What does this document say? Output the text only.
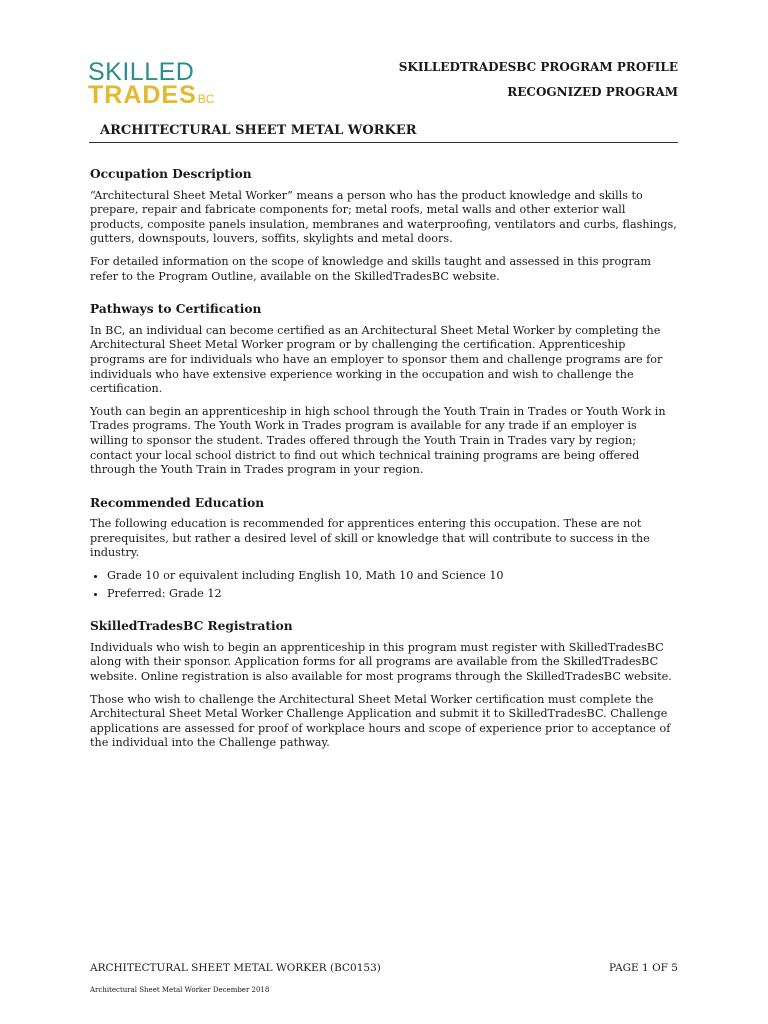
SKILLED
TRADESBC
SKILLEDTRADESBC PROGRAM PROFILE
RECOGNIZED PROGRAM
ARCHITECTURAL SHEET METAL WORKER
Occupation Description

“Architectural Sheet Metal Worker” means a person who has the product knowledge and skills to prepare, repair and fabricate components for; metal roofs, metal walls and other exterior wall products, composite panels insulation, membranes and waterproofing, ventilators and curbs, flashings, gutters, downspouts, louvers, soffits, skylights and metal doors.

For detailed information on the scope of knowledge and skills taught and assessed in this program refer to the Program Outline, available on the SkilledTradesBC website.

Pathways to Certification

In BC, an individual can become certified as an Architectural Sheet Metal Worker by completing the Architectural Sheet Metal Worker program or by challenging the certification. Apprenticeship programs are for individuals who have an employer to sponsor them and challenge programs are for individuals who have extensive experience working in the occupation and wish to challenge the certification.

Youth can begin an apprenticeship in high school through the Youth Train in Trades or Youth Work in Trades programs. The Youth Work in Trades program is available for any trade if an employer is willing to sponsor the student. Trades offered through the Youth Train in Trades vary by region; contact your local school district to find out which technical training programs are being offered through the Youth Train in Trades program in your region.

Recommended Education

The following education is recommended for apprentices entering this occupation. These are not prerequisites, but rather a desired level of skill or knowledge that will contribute to success in the industry.

• Grade 10 or equivalent including English 10, Math 10 and Science 10
• Preferred: Grade 12
SkilledTradesBC Registration

Individuals who wish to begin an apprenticeship in this program must register with SkilledTradesBC along with their sponsor. Application forms for all programs are available from the SkilledTradesBC website. Online registration is also available for most programs through the SkilledTradesBC website.

Those who wish to challenge the Architectural Sheet Metal Worker certification must complete the Architectural Sheet Metal Worker Challenge Application and submit it to SkilledTradesBC. Challenge applications are assessed for proof of workplace hours and scope of experience prior to acceptance of the individual into the Challenge pathway.

ARCHITECTURAL SHEET METAL WORKER (BC0153)	PAGE 1 OF 5
Architectural Sheet Metal Worker December 2018
